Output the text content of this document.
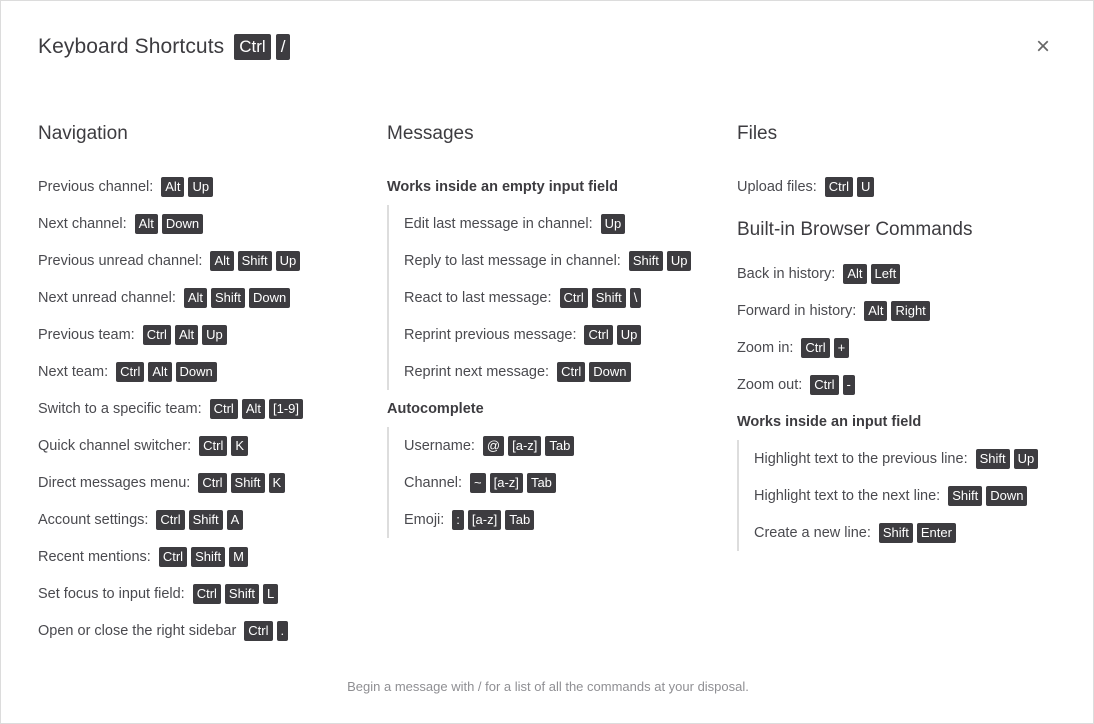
Keyboard Shortcuts Ctrl /	×
Navigation
Previous channel: Alt Up
Next channel: Alt Down
Previous unread channel: Alt Shift Up
Next unread channel: Alt Shift Down
Previous team: Ctrl Alt Up
Next team: Ctrl Alt Down
Switch to a specific team: Ctrl Alt [1-9]
Quick channel switcher: Ctrl K
Direct messages menu: Ctrl Shift K
Account settings: Ctrl Shift A
Recent mentions: Ctrl Shift M
Set focus to input field: Ctrl Shift L
Open or close the right sidebar Ctrl .
Messages
Works inside an empty input field
Edit last message in channel: Up
Reply to last message in channel: Shift Up
React to last message: Ctrl Shift \
Reprint previous message: Ctrl Up
Reprint next message: Ctrl Down
Autocomplete
Username: @ [a-z] Tab
Channel: ~ [a-z] Tab
Emoji: : [a-z] Tab
Files
Upload files: Ctrl U
Built-in Browser Commands
Back in history: Alt Left
Forward in history: Alt Right
Zoom in: Ctrl +
Zoom out: Ctrl -
Works inside an input field
Highlight text to the previous line: Shift Up
Highlight text to the next line: Shift Down
Create a new line: Shift Enter
Begin a message with / for a list of all the commands at your disposal.
